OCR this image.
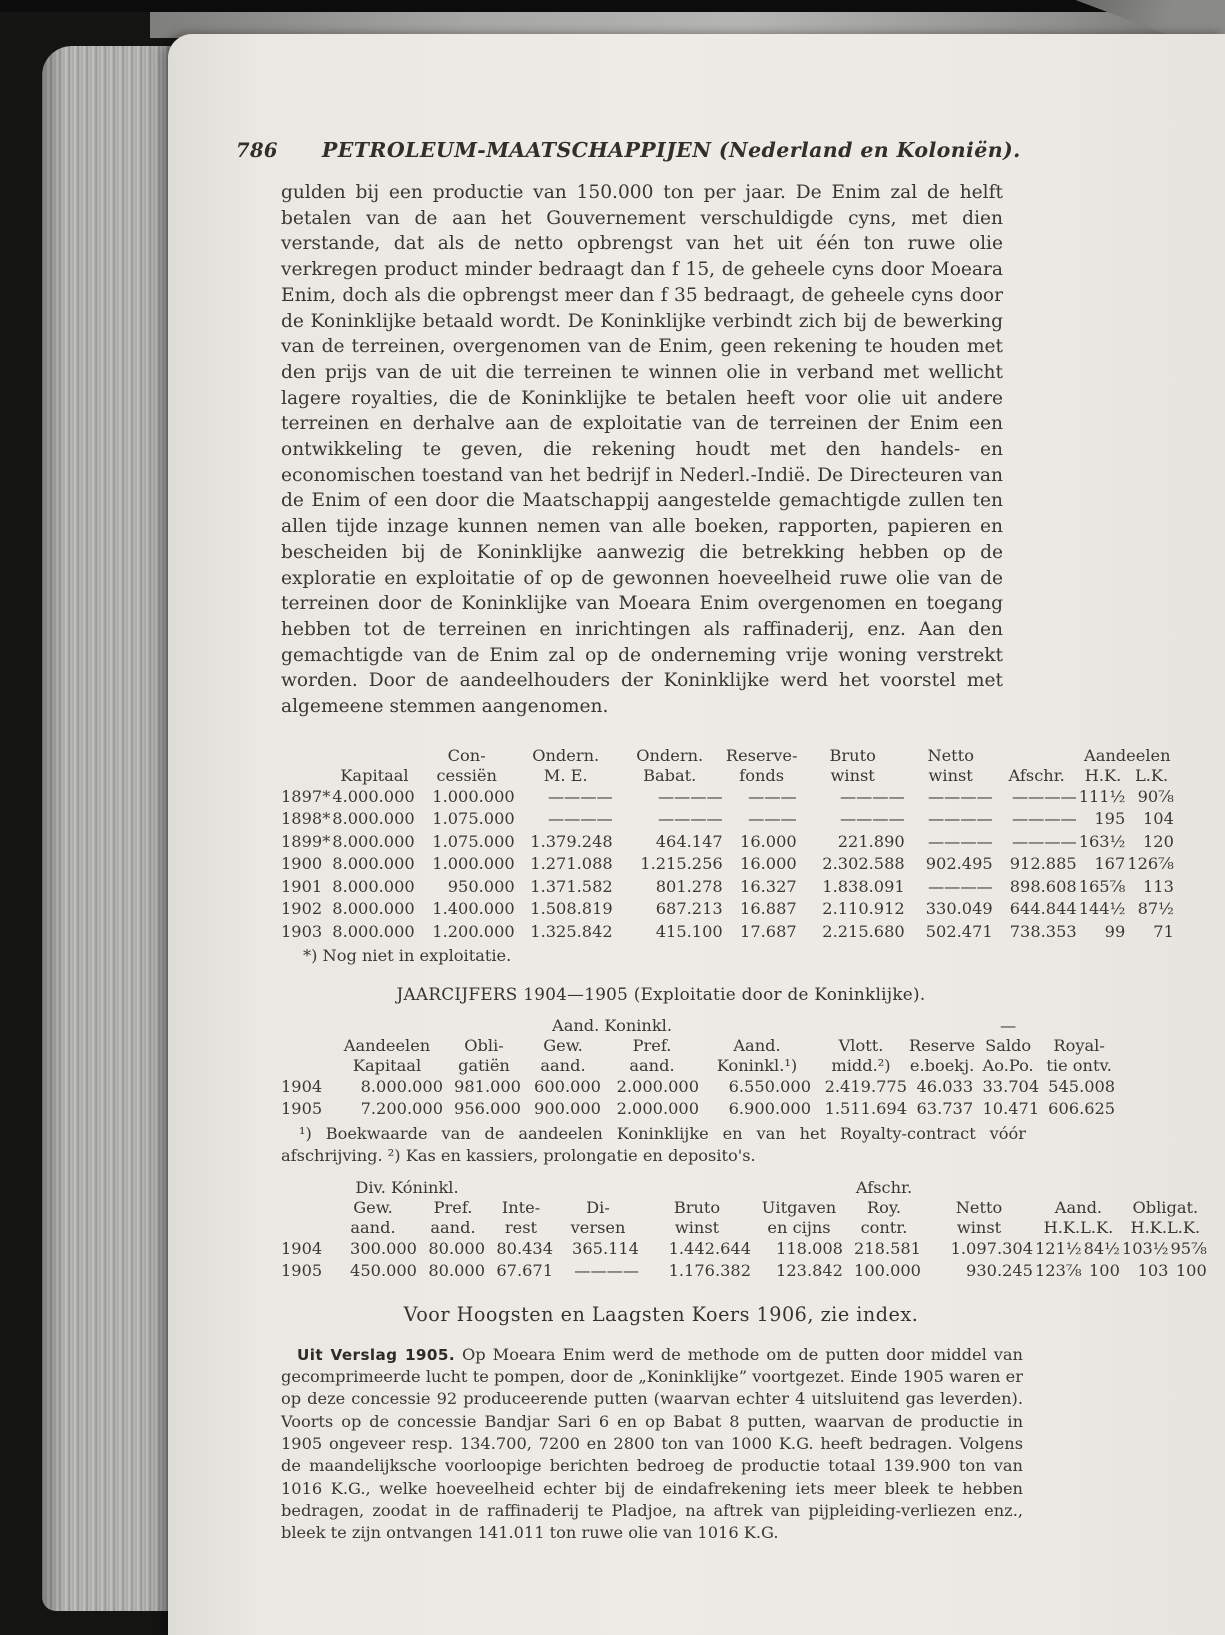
786 PETROLEUM-MAATSCHAPPIJEN (Nederland en Koloniën).

gulden bij een productie van 150.000 ton per jaar. De Enim zal de helft betalen van de aan het Gouvernement verschuldigde cyns, met dien verstande, dat als de netto opbrengst van het uit één ton ruwe olie verkregen product minder bedraagt dan f 15, de geheele cyns door Moeara Enim, doch als die opbrengst meer dan f 35 bedraagt, de geheele cyns door de Koninklijke betaald wordt. De Koninklijke verbindt zich bij de bewerking van de terreinen, overgenomen van de Enim, geen rekening te houden met den prijs van de uit die terreinen te winnen olie in verband met wellicht lagere royalties, die de Koninklijke te betalen heeft voor olie uit andere terreinen en derhalve aan de exploitatie van de terreinen der Enim een ontwikkeling te geven, die rekening houdt met den handels- en economischen toestand van het bedrijf in Nederl.-Indië. De Directeuren van de Enim of een door die Maatschappij aangestelde gemachtigde zullen ten allen tijde inzage kunnen nemen van alle boeken, rapporten, papieren en bescheiden bij de Koninklijke aanwezig die betrekking hebben op de exploratie en exploitatie of op de gewonnen hoeveelheid ruwe olie van de terreinen door de Koninklijke van Moeara Enim overgenomen en toegang hebben tot de terreinen en inrichtingen als raffinaderij, enz. Aan den gemachtigde van de Enim zal op de onderneming vrije woning verstrekt worden. Door de aandeelhouders der Koninklijke werd het voorstel met algemeene stemmen aangenomen.

		Con-	Ondern.	Ondern.	Reserve-	Bruto	Netto		Aandeelen	
	Kapitaal	cessiën	M. E.	Babat.	fonds	winst	winst	Afschr.	H.K.	L.K.
1897*	4.000.000	1.000.000	————	————	———	————	————	————	111½	90⅞
1898*	8.000.000	1.075.000	————	————	———	————	————	————	195	104
1899*	8.000.000	1.075.000	1.379.248	464.147	16.000	221.890	————	————	163½	120
1900	8.000.000	1.000.000	1.271.088	1.215.256	16.000	2.302.588	902.495	912.885	167	126⅞
1901	8.000.000	950.000	1.371.582	801.278	16.327	1.838.091	————	898.608	165⅞	113
1902	8.000.000	1.400.000	1.508.819	687.213	16.887	2.110.912	330.049	644.844	144½	87½
1903	8.000.000	1.200.000	1.325.842	415.100	17.687	2.215.680	502.471	738.353	99	71

*) Nog niet in exploitatie.

JAARCIJFERS 1904—1905 (Exploitatie door de Koninklijke).

			Aand. Koninkl.					—	
	Aandeelen	Obli-	Gew.	Pref.	Aand.	Vlott.	Reserve	Saldo	Royal-
	Kapitaal	gatiën	aand.	aand.	Koninkl.¹)	midd.²)	e.boekj.	Ao.Po.	tie ontv.
1904	8.000.000	981.000	600.000	2.000.000	6.550.000	2.419.775	46.033	33.704	545.008
1905	7.200.000	956.000	900.000	2.000.000	6.900.000	1.511.694	63.737	10.471	606.625

¹) Boekwaarde van de aandeelen Koninklijke en van het Royalty-contract vóór afschrijving. ²) Kas en kassiers, prolongatie en deposito's.

	Div. Kóninkl.						Afschr.					
	Gew.	Pref.	Inte-	Di-	Bruto	Uitgaven	Roy.	Netto	Aand.		Obligat.	
	aand.	aand.	rest	versen	winst	en cijns	contr.	winst	H.K.L.K.		H.K.L.K.	
1904	300.000	80.000	80.434	365.114	1.442.644	118.008	218.581	1.097.304	121½	84½	103½	95⅞
1905	450.000	80.000	67.671	————	1.176.382	123.842	100.000	930.245	123⅞	100	103	100

Voor Hoogsten en Laagsten Koers 1906, zie index.

Uit Verslag 1905. Op Moeara Enim werd de methode om de putten door middel van gecomprimeerde lucht te pompen, door de „Koninklijke” voortgezet. Einde 1905 waren er op deze concessie 92 produceerende putten (waarvan echter 4 uitsluitend gas leverden). Voorts op de concessie Bandjar Sari 6 en op Babat 8 putten, waarvan de productie in 1905 ongeveer resp. 134.700, 7200 en 2800 ton van 1000 K.G. heeft bedragen. Volgens de maandelijksche voorloopige berichten bedroeg de productie totaal 139.900 ton van 1016 K.G., welke hoeveelheid echter bij de eindafrekening iets meer bleek te hebben bedragen, zoodat in de raffinaderij te Pladjoe, na aftrek van pijpleiding-verliezen enz., bleek te zijn ontvangen 141.011 ton ruwe olie van 1016 K.G.
